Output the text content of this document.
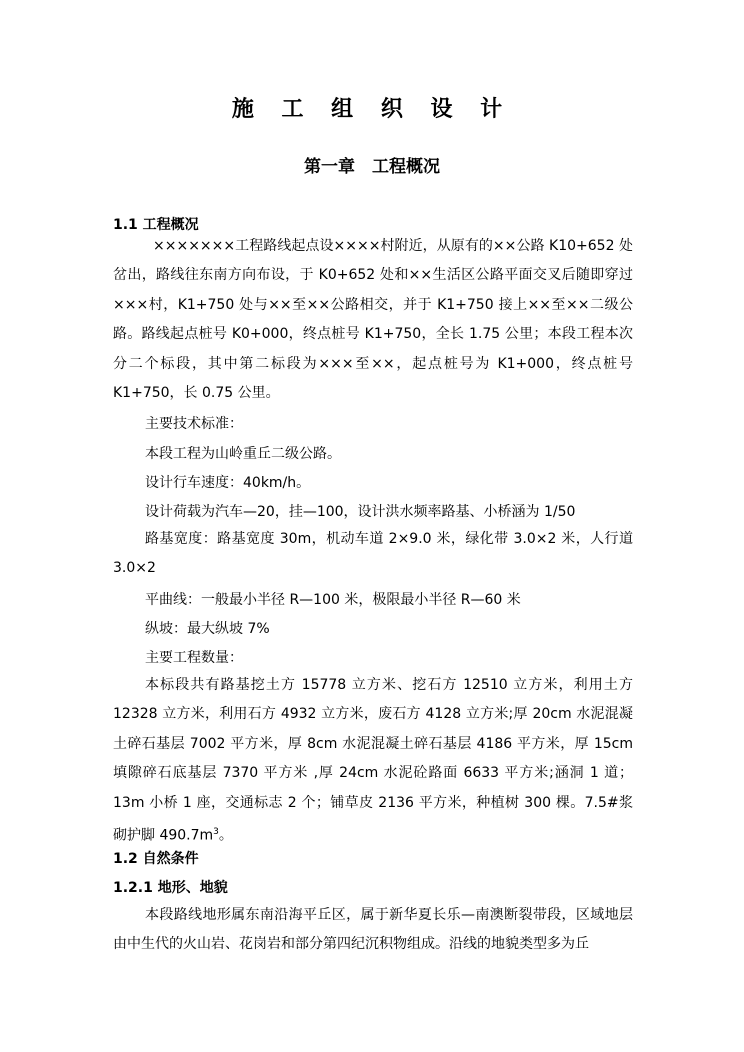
施 工 组 织 设 计
第一章　工程概况
1.1 工程概况

×××××××工程路线起点设××××村附近，从原有的××公路 K10+652 处岔出，路线往东南方向布设，于 K0+652 处和××生活区公路平面交叉后随即穿过×××村，K1+750 处与××至××公路相交，并于 K1+750 接上××至××二级公路。路线起点桩号 K0+000，终点桩号 K1+750，全长 1.75 公里；本段工程本次分二个标段，其中第二标段为×××至××，起点桩号为 K1+000，终点桩号 K1+750，长 0.75 公里。

主要技术标准：
本段工程为山岭重丘二级公路。
设计行车速度：40km/h。
设计荷载为汽车—20，挂—100，设计洪水频率路基、小桥涵为 1/50

路基宽度：路基宽度 30m，机动车道 2×9.0 米，绿化带 3.0×2 米，人行道 3.0×2

平曲线：一般最小半径 R—100 米，极限最小半径 R—60 米
纵坡：最大纵坡 7%
主要工程数量：

本标段共有路基挖土方 15778 立方米、挖石方 12510 立方米，利用土方 12328 立方米，利用石方 4932 立方米，废石方 4128 立方米;厚 20cm 水泥混凝土碎石基层 7002 平方米，厚 8cm 水泥混凝土碎石基层 4186 平方米，厚 15cm 填隙碎石底基层 7370 平方米 ,厚 24cm 水泥砼路面 6633 平方米;涵洞 1 道；13m 小桥 1 座，交通标志 2 个；铺草皮 2136 平方米，种植树 300 棵。7.5#浆砌护脚 $490.7m^3$。

1.2 自然条件
1.2.1 地形、地貌

本段路线地形属东南沿海平丘区，属于新华夏长乐—南澳断裂带段，区域地层由中生代的火山岩、花岗岩和部分第四纪沉积物组成。沿线的地貌类型多为丘
